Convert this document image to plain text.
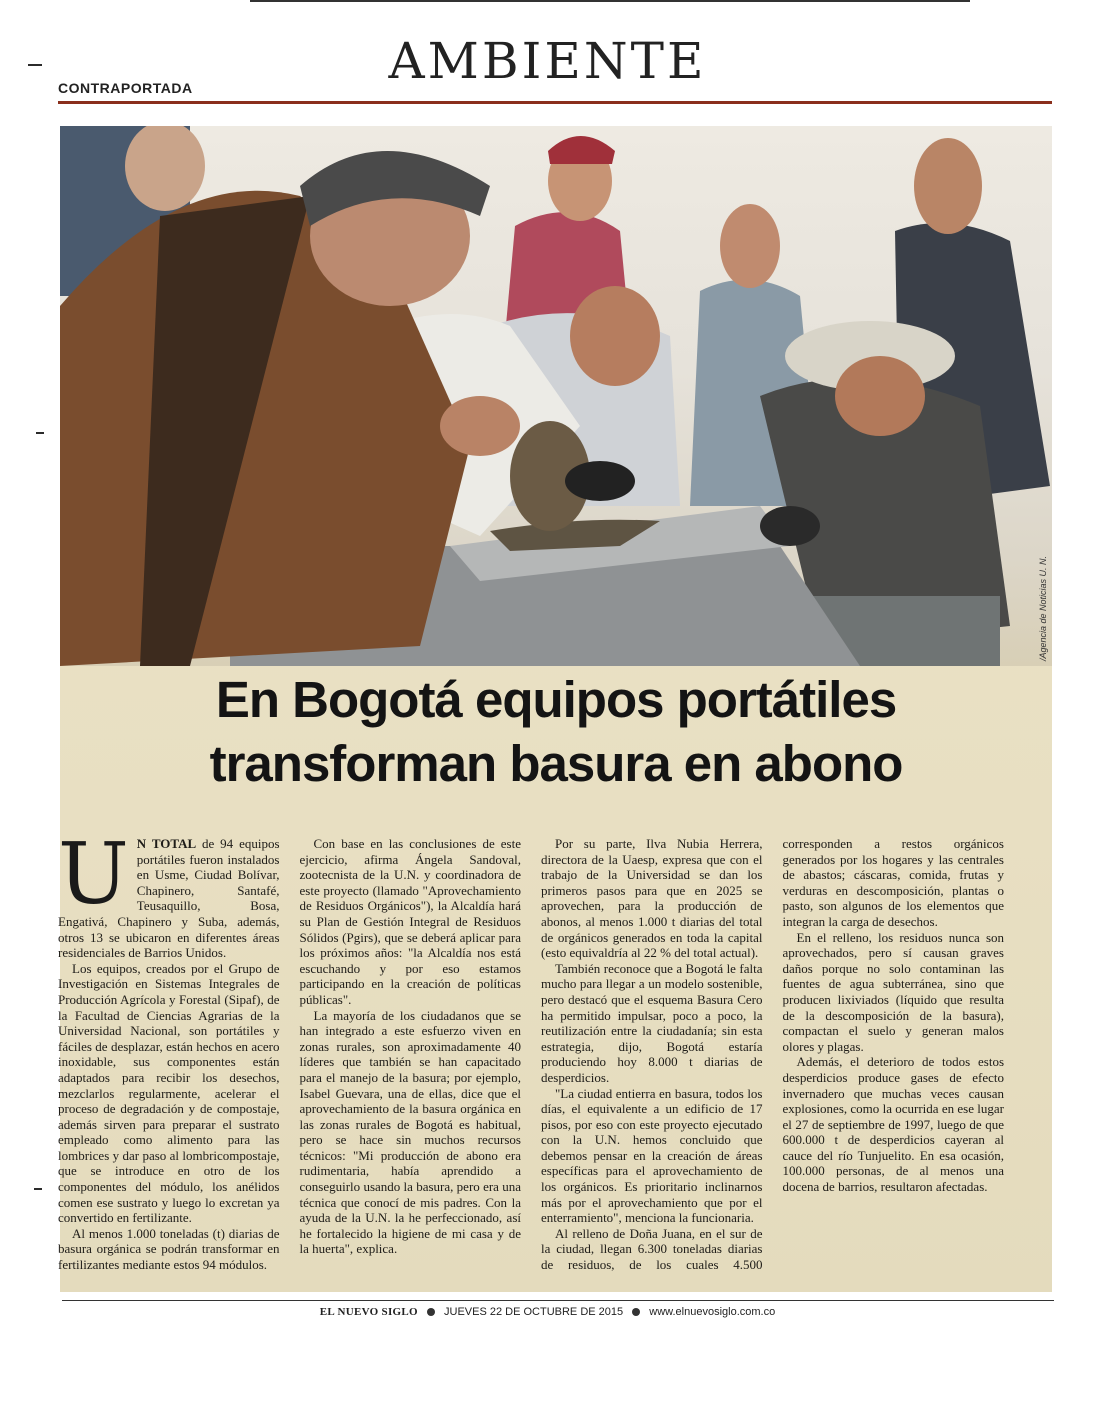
AMBIENTE
CONTRAPORTADA
/Agencia de Noticias U. N.
En Bogotá equipos portátiles
transforman basura en abono

U N TOTAL de 94 equipos portátiles fueron instalados en Usme, Ciudad Bolívar, Chapinero, Santafé, Teusaquillo, Bosa, Engativá, Chapinero y Suba, además, otros 13 se ubicaron en diferentes áreas residenciales de Barrios Unidos.

Los equipos, creados por el Grupo de Investigación en Sistemas Integrales de Producción Agrícola y Forestal (Sipaf), de la Facultad de Ciencias Agrarias de la Universidad Nacional, son portátiles y fáciles de desplazar, están hechos en acero inoxidable, sus componentes están adaptados para recibir los desechos, mezclarlos regularmente, acelerar el proceso de degradación y de compostaje, además sirven para preparar el sustrato empleado como alimento para las lombrices y dar paso al lombricompostaje, que se introduce en otro de los componentes del módulo, los anélidos comen ese sustrato y luego lo excretan ya convertido en fertilizante.

Al menos 1.000 toneladas (t) diarias de basura orgánica se podrán transformar en fertilizantes mediante estos 94 módulos.

Con base en las conclusiones de este ejercicio, afirma Ángela Sandoval, zootecnista de la U.N. y coordinadora de este proyecto (llamado "Aprovechamiento de Residuos Orgánicos"), la Alcaldía hará su Plan de Gestión Integral de Residuos Sólidos (Pgirs), que se deberá aplicar para los próximos años: "la Alcaldía nos está escuchando y por eso estamos participando en la creación de políticas públicas".

La mayoría de los ciudadanos que se han integrado a este esfuerzo viven en zonas rurales, son aproximadamente 40 líderes que también se han capacitado para el manejo de la basura; por ejemplo, Isabel Guevara, una de ellas, dice que el aprovechamiento de la basura orgánica en las zonas rurales de Bogotá es habitual, pero se hace sin muchos recursos técnicos: "Mi producción de abono era rudimentaria, había aprendido a conseguirlo usando la basura, pero era una técnica que conocí de mis padres. Con la ayuda de la U.N. la he perfeccionado, así he fortalecido la higiene de mi casa y de la huerta", explica.

Por su parte, Ilva Nubia Herrera, directora de la Uaesp, expresa que con el trabajo de la Universidad se dan los primeros pasos para que en 2025 se aprovechen, para la producción de abonos, al menos 1.000 t diarias del total de orgánicos generados en toda la capital (esto equivaldría al 22 % del total actual).

También reconoce que a Bogotá le falta mucho para llegar a un modelo sostenible, pero destacó que el esquema Basura Cero ha permitido impulsar, poco a poco, la reutilización entre la ciudadanía; sin esta estrategia, dijo, Bogotá estaría produciendo hoy 8.000 t diarias de desperdicios.

"La ciudad entierra en basura, todos los días, el equivalente a un edificio de 17 pisos, por eso con este proyecto ejecutado con la U.N. hemos concluido que debemos pensar en la creación de áreas específicas para el aprovechamiento de los orgánicos. Es prioritario inclinarnos más por el aprovechamiento que por el enterramiento", menciona la funcionaria.

Al relleno de Doña Juana, en el sur de la ciudad, llegan 6.300 toneladas diarias de residuos, de los cuales 4.500 corresponden a restos orgánicos generados por los hogares y las centrales de abastos; cáscaras, comida, frutas y verduras en descomposición, plantas o pasto, son algunos de los elementos que integran la carga de desechos.

En el relleno, los residuos nunca son aprovechados, pero sí causan graves daños porque no solo contaminan las fuentes de agua subterránea, sino que producen lixiviados (líquido que resulta de la descomposición de la basura), compactan el suelo y generan malos olores y plagas.

Además, el deterioro de todos estos desperdicios produce gases de efecto invernadero que muchas veces causan explosiones, como la ocurrida en ese lugar el 27 de septiembre de 1997, luego de que 600.000 t de desperdicios cayeran al cauce del río Tunjuelito. En esa ocasión, 100.000 personas, de al menos una docena de barrios, resultaron afectadas.

EL NUEVO SIGLO JUEVES 22 DE OCTUBRE DE 2015 www.elnuevosiglo.com.co
